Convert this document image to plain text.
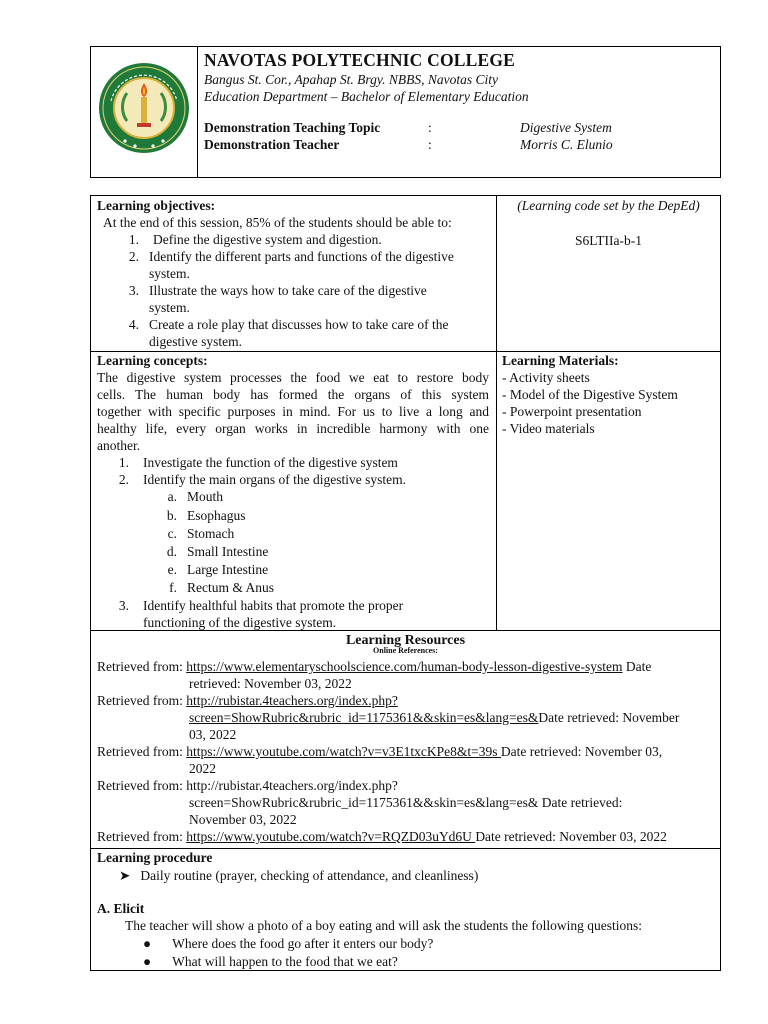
NAVOTAS POLYTECHNIC COLLEGE
Bangus St. Cor., Apahap St. Brgy. NBBS, Navotas City
Education Department – Bachelor of Elementary Education
Demonstration Teaching Topic	:	Digestive System
Demonstration Teacher	:	Morris C. Elunio
Learning objectives:
At the end of this session, 85% of the students should be able to:
1. Define the digestive system and digestion.
2. Identify the different parts and functions of the digestive
system.
3. Illustrate the ways how to take care of the digestive
system.
4. Create a role play that discusses how to take care of the
digestive system.
(Learning code set by the DepEd)
S6LTIIa-b-1
Learning concepts:
The digestive system processes the food we eat to restore body
cells. The human body has formed the organs of this system
together with specific purposes in mind. For us to live a long and
healthy life, every organ works in incredible harmony with one
another.
1. Investigate the function of the digestive system
2. Identify the main organs of the digestive system.
a. Mouth
b. Esophagus
c. Stomach
d. Small Intestine
e. Large Intestine
f. Rectum & Anus
3. Identify healthful habits that promote the proper
functioning of the digestive system.
Learning Materials:
- Activity sheets
- Model of the Digestive System
- Powerpoint presentation
- Video materials
Learning Resources
Online References:
Retrieved from: https://www.elementaryschoolscience.com/human-body-lesson-digestive-system Date
retrieved: November 03, 2022
Retrieved from: http://rubistar.4teachers.org/index.php?
screen=ShowRubric&rubric_id=1175361&&skin=es&lang=es&Date retrieved: November
03, 2022
Retrieved from: https://www.youtube.com/watch?v=v3E1txcKPe8&t=39s Date retrieved: November 03,
2022
Retrieved from: http://rubistar.4teachers.org/index.php?
screen=ShowRubric&rubric_id=1175361&&skin=es&lang=es& Date retrieved:
November 03, 2022
Retrieved from: https://www.youtube.com/watch?v=RQZD03uYd6U Date retrieved: November 03, 2022
Learning procedure
➤ Daily routine (prayer, checking of attendance, and cleanliness)
A. Elicit
The teacher will show a photo of a boy eating and will ask the students the following questions:
● Where does the food go after it enters our body?
● What will happen to the food that we eat?
